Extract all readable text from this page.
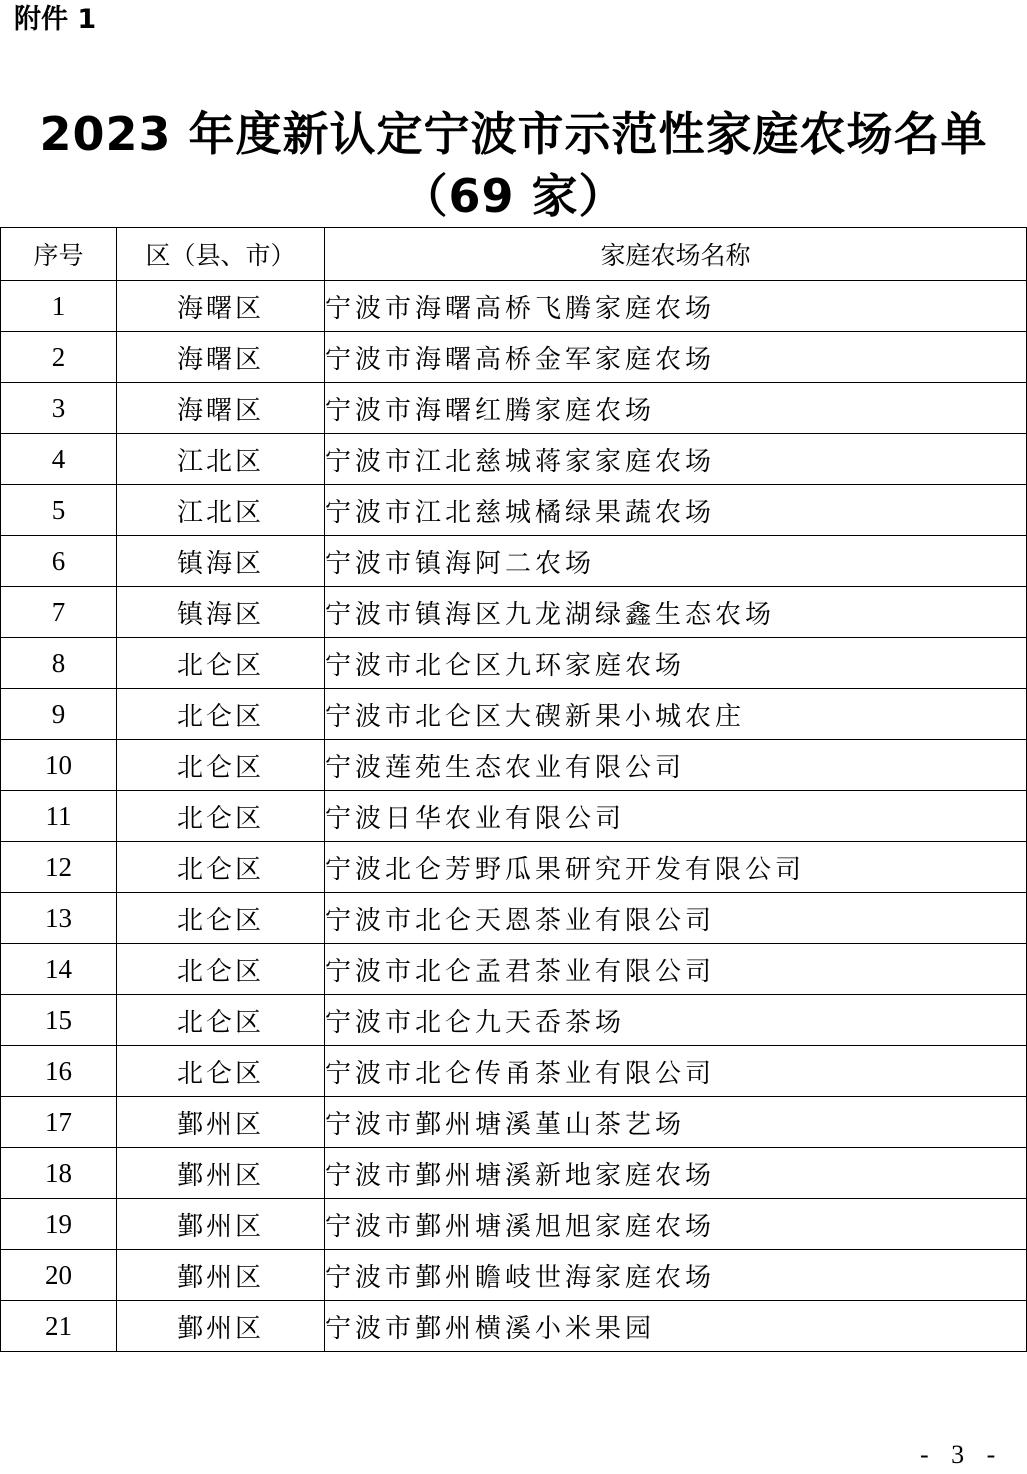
附件 1
2023 年度新认定宁波市示范性家庭农场名单
（69 家）
序号	区（县、市）	家庭农场名称
1	海曙区	宁波市海曙高桥飞腾家庭农场
2	海曙区	宁波市海曙高桥金军家庭农场
3	海曙区	宁波市海曙红腾家庭农场
4	江北区	宁波市江北慈城蒋家家庭农场
5	江北区	宁波市江北慈城橘绿果蔬农场
6	镇海区	宁波市镇海阿二农场
7	镇海区	宁波市镇海区九龙湖绿鑫生态农场
8	北仑区	宁波市北仑区九环家庭农场
9	北仑区	宁波市北仑区大碶新果小城农庄
10	北仑区	宁波莲苑生态农业有限公司
11	北仑区	宁波日华农业有限公司
12	北仑区	宁波北仑芳野瓜果研究开发有限公司
13	北仑区	宁波市北仑天恩茶业有限公司
14	北仑区	宁波市北仑孟君茶业有限公司
15	北仑区	宁波市北仑九天岙茶场
16	北仑区	宁波市北仑传甬茶业有限公司
17	鄞州区	宁波市鄞州塘溪堇山茶艺场
18	鄞州区	宁波市鄞州塘溪新地家庭农场
19	鄞州区	宁波市鄞州塘溪旭旭家庭农场
20	鄞州区	宁波市鄞州瞻岐世海家庭农场
21	鄞州区	宁波市鄞州横溪小米果园
- 3 -
